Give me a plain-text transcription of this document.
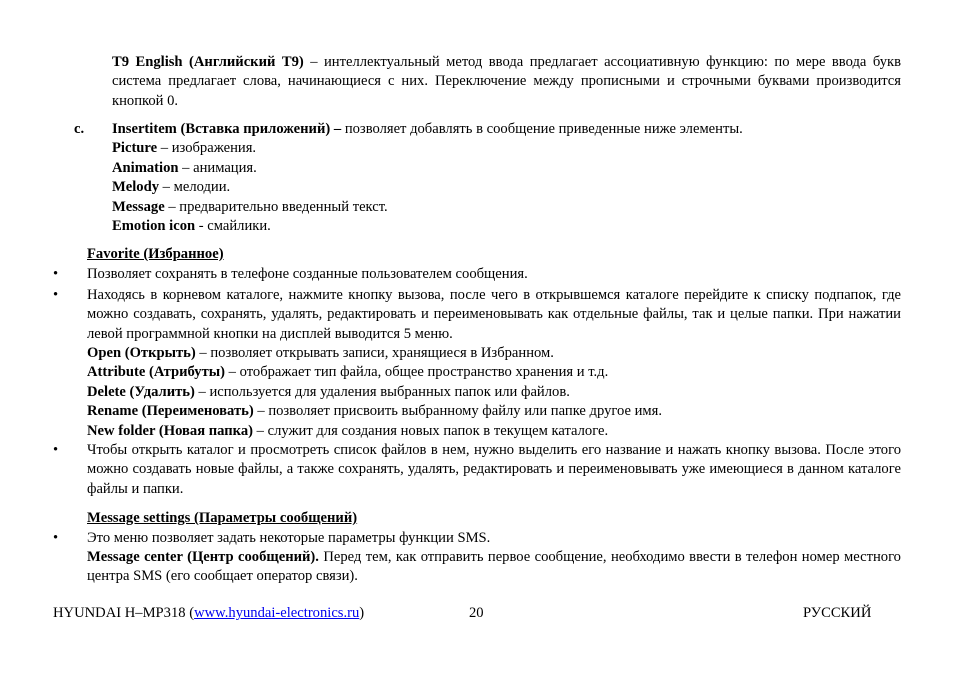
T9 English (Английский T9) – интеллектуальный метод ввода предлагает ассоциативную функцию: по мере ввода букв система предлагает слова, начинающиеся с них. Переключение между прописными и строчными буквами производится кнопкой 0.
c. Insertitem (Вставка приложений) – позволяет добавлять в сообщение приведенные ниже элементы.
Picture – изображения.
Animation – анимация.
Melody – мелодии.
Message – предварительно введенный текст.
Emotion icon - смайлики.
Favorite (Избранное)
•	Позволяет сохранять в телефоне созданные пользователем сообщения.
•	Находясь в корневом каталоге, нажмите кнопку вызова, после чего в открывшемся каталоге перейдите к списку подпапок, где можно создавать, сохранять, удалять, редактировать и переименовывать как отдельные файлы, так и целые папки. При нажатии левой программной кнопки на дисплей выводится 5 меню.
Open (Открыть) – позволяет открывать записи, хранящиеся в Избранном.
Attribute (Атрибуты) – отображает тип файла, общее пространство хранения и т.д.
Delete (Удалить) – используется для удаления выбранных папок или файлов.
Rename (Переименовать) – позволяет присвоить выбранному файлу или папке другое имя.
New folder (Новая папка) – служит для создания новых папок в текущем каталоге.
•	Чтобы открыть каталог и просмотреть список файлов в нем, нужно выделить его название и нажать кнопку вызова. После этого можно создавать новые файлы, а также сохранять, удалять, редактировать и переименовывать уже имеющиеся в данном каталоге файлы и папки.
Message settings (Параметры сообщений)
•	Это меню позволяет задать некоторые параметры функции SMS.
Message center (Центр сообщений). Перед тем, как отправить первое сообщение, необходимо ввести в телефон номер местного центра SMS (его сообщает оператор связи).
HYUNDAI H–MP318 (www.hyundai-electronics.ru)	20	РУССКИЙ
